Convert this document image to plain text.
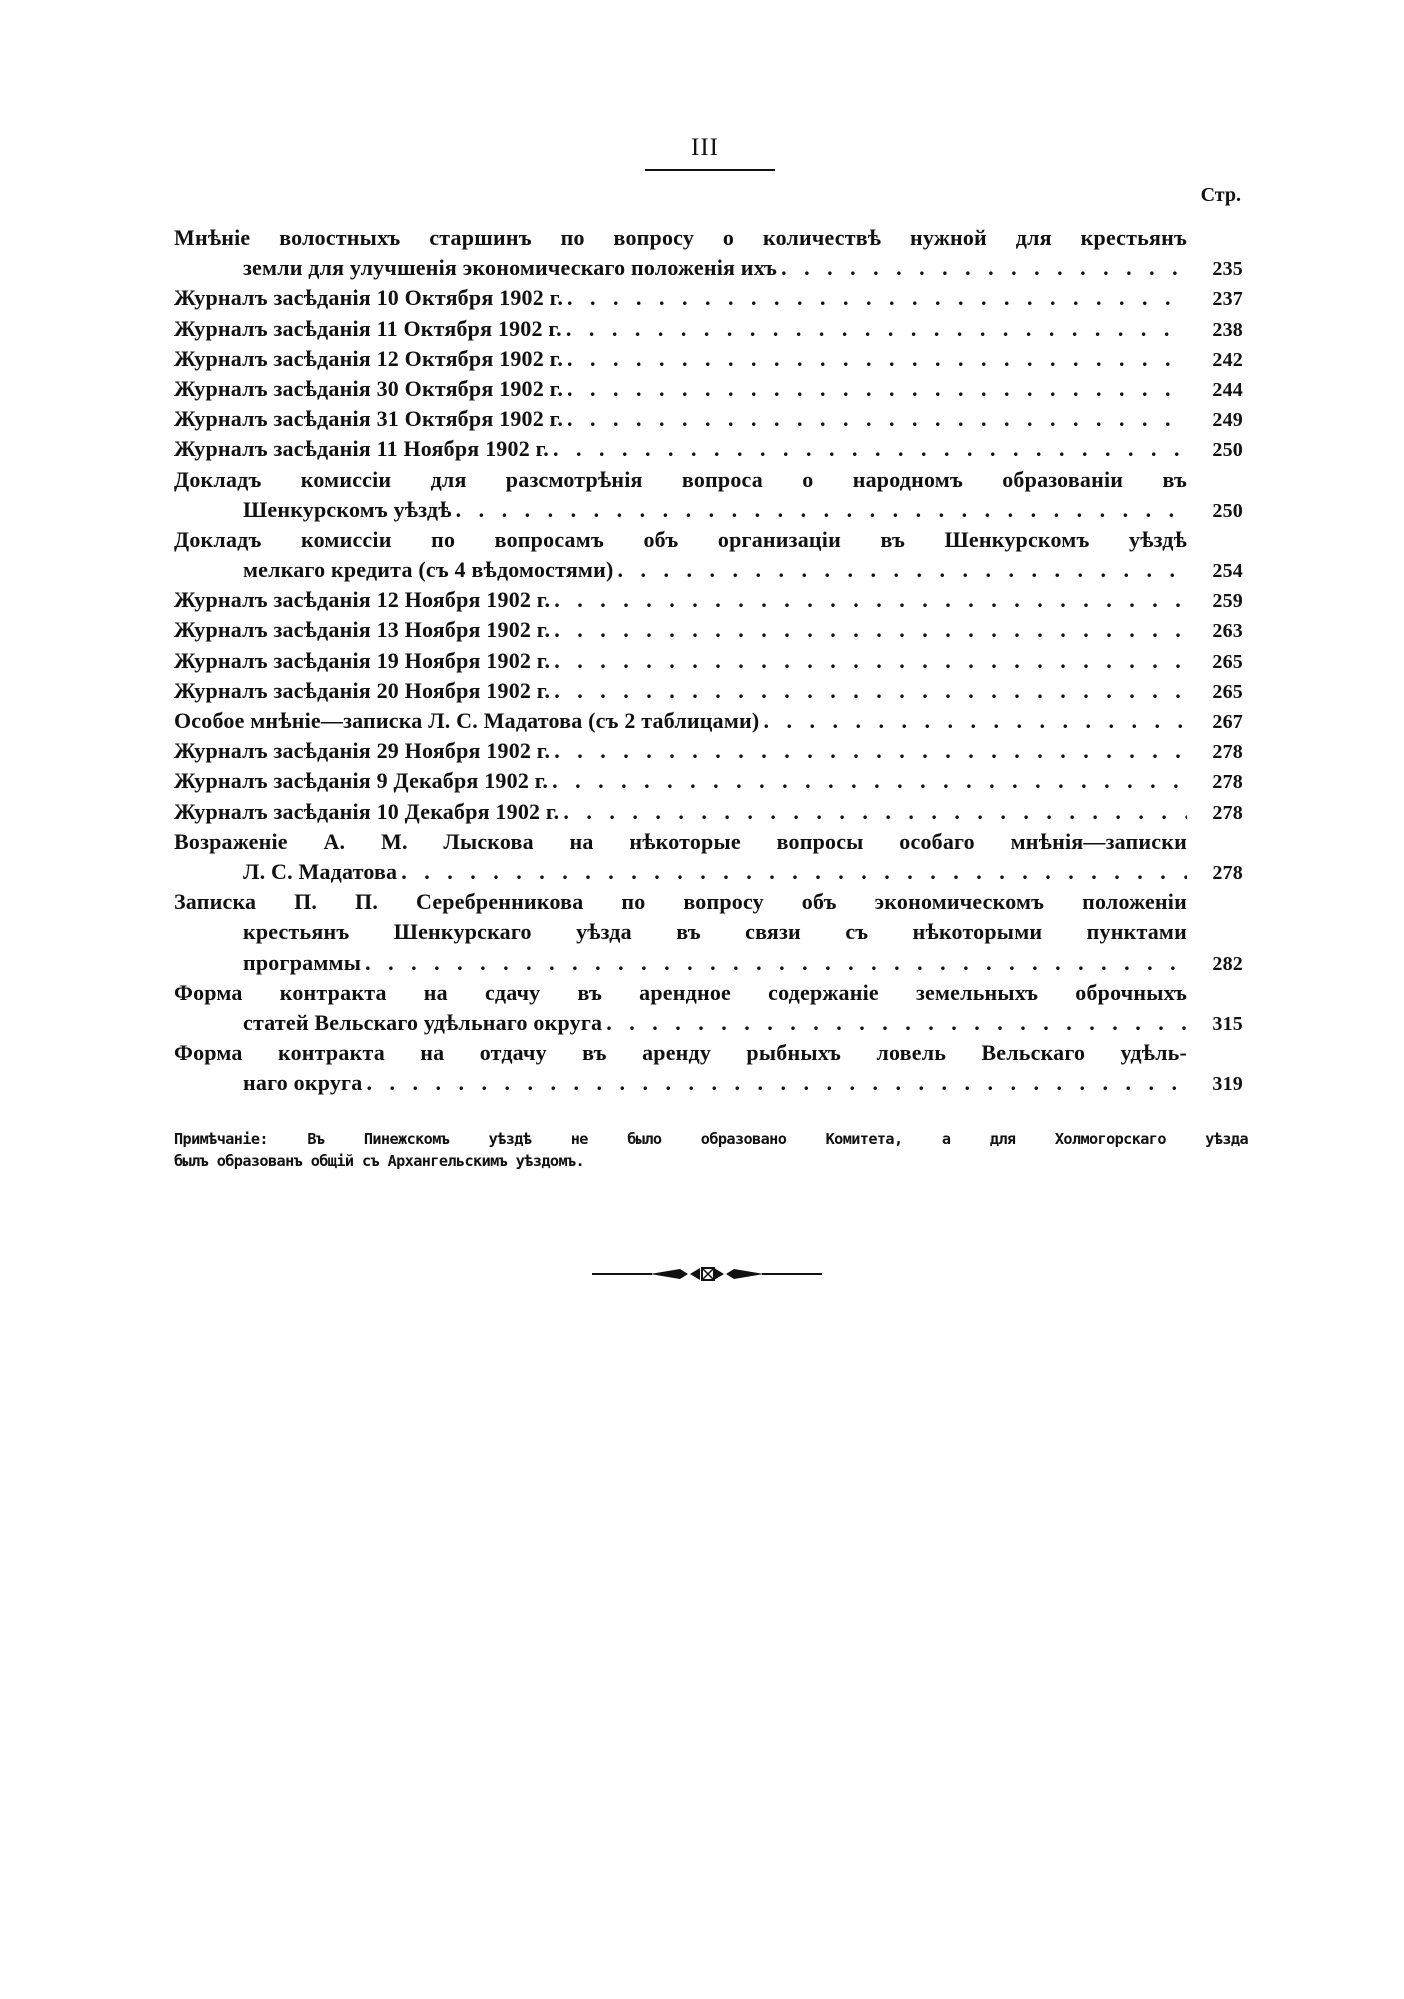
III
Стр.
Мнѣніе волостныхъ старшинъ по вопросу о количествѣ нужной для крестьянъ
земли для улучшенія экономическаго положенія ихъ . . .	235
Журналъ засѣданія 10 Октября 1902 г. . . .	237
Журналъ засѣданія 11 Октября 1902 г. . . .	238
Журналъ засѣданія 12 Октября 1902 г. . . .	242
Журналъ засѣданія 30 Октября 1902 г. . . .	244
Журналъ засѣданія 31 Октября 1902 г. . . .	249
Журналъ засѣданія 11 Ноября 1902 г. . . .	250
Докладъ комиссіи для разсмотрѣнія вопроса о народномъ образованіи въ
Шенкурскомъ уѣздѣ . . .	250
Докладъ комиссіи по вопросамъ объ организаціи въ Шенкурскомъ уѣздѣ
мелкаго кредита (съ 4 вѣдомостями) . . .	254
Журналъ засѣданія 12 Ноября 1902 г. . . .	259
Журналъ засѣданія 13 Ноября 1902 г. . . .	263
Журналъ засѣданія 19 Ноября 1902 г. . . .	265
Журналъ засѣданія 20 Ноября 1902 г. . . .	265
Особое мнѣніе—записка Л. С. Мадатова (съ 2 таблицами) . . .	267
Журналъ засѣданія 29 Ноября 1902 г. . . .	278
Журналъ засѣданія 9 Декабря 1902 г. . . .	278
Журналъ засѣданія 10 Декабря 1902 г. . . .	278
Возраженіе А. М. Лыскова на нѣкоторые вопросы особаго мнѣнія—записки
Л. С. Мадатова . . .	278
Записка П. П. Серебренникова по вопросу объ экономическомъ положеніи
крестьянъ Шенкурскаго уѣзда въ связи съ нѣкоторыми пунктами
программы . . .	282
Форма контракта на сдачу въ арендное содержаніе земельныхъ оброчныхъ
статей Вельскаго удѣльнаго округа . . .	315
Форма контракта на отдачу въ аренду рыбныхъ ловель Вельскаго удѣль-
наго округа . . .	319
Примѣчаніе:	Въ Пинежскомъ уѣздѣ не было образовано Комитета, а для Холмогорскаго уѣзда
былъ образованъ общій съ Архангельскимъ уѣздомъ.
